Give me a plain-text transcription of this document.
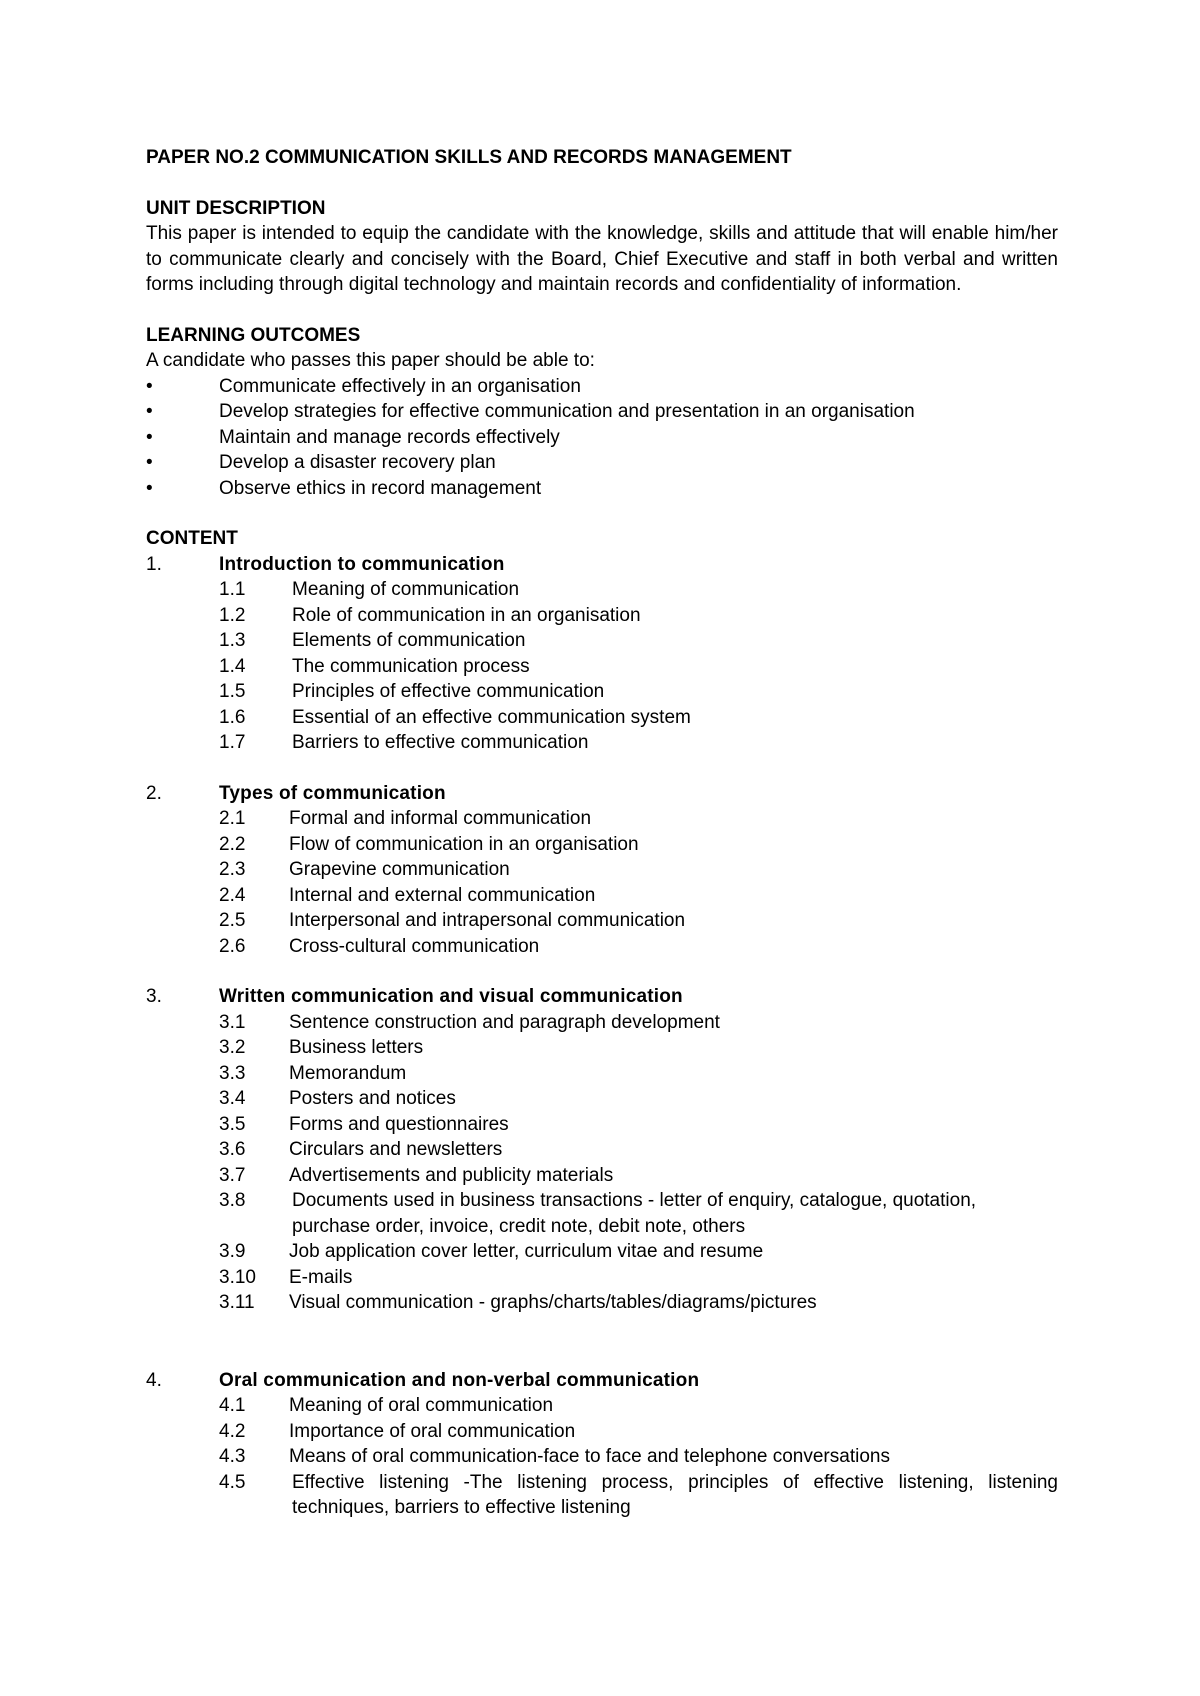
PAPER NO.2 COMMUNICATION SKILLS AND RECORDS MANAGEMENT

UNIT DESCRIPTION

This paper is intended to equip the candidate with the knowledge, skills and attitude that will enable him/her to communicate clearly and concisely with the Board, Chief Executive and staff in both verbal and written forms including through digital technology and maintain records and confidentiality of information.

LEARNING OUTCOMES

A candidate who passes this paper should be able to:

•	Communicate effectively in an organisation
•	Develop strategies for effective communication and presentation in an organisation
•	Maintain and manage records effectively
•	Develop a disaster recovery plan
•	Observe ethics in record management

CONTENT

1.	Introduction to communication
1.1 Meaning of communication
1.2 Role of communication in an organisation
1.3 Elements of communication
1.4 The communication process
1.5 Principles of effective communication
1.6 Essential of an effective communication system
1.7 Barriers to effective communication
2.	Types of communication
2.1 Formal and informal communication
2.2 Flow of communication in an organisation
2.3 Grapevine communication
2.4 Internal and external communication
2.5 Interpersonal and intrapersonal communication
2.6 Cross-cultural communication
3.	Written communication and visual communication
3.1 Sentence construction and paragraph development
3.2 Business letters
3.3 Memorandum
3.4 Posters and notices
3.5 Forms and questionnaires
3.6 Circulars and newsletters
3.7 Advertisements and publicity materials
3.8 Documents used in business transactions - letter of enquiry, catalogue, quotation, purchase order, invoice, credit note, debit note, others
3.9 Job application cover letter, curriculum vitae and resume
3.10 E-mails
3.11 Visual communication - graphs/charts/tables/diagrams/pictures
4.	Oral communication and non-verbal communication
4.1 Meaning of oral communication
4.2 Importance of oral communication
4.3 Means of oral communication-face to face and telephone conversations
4.5 Effective listening -The listening process, principles of effective listening, listening techniques, barriers to effective listening
